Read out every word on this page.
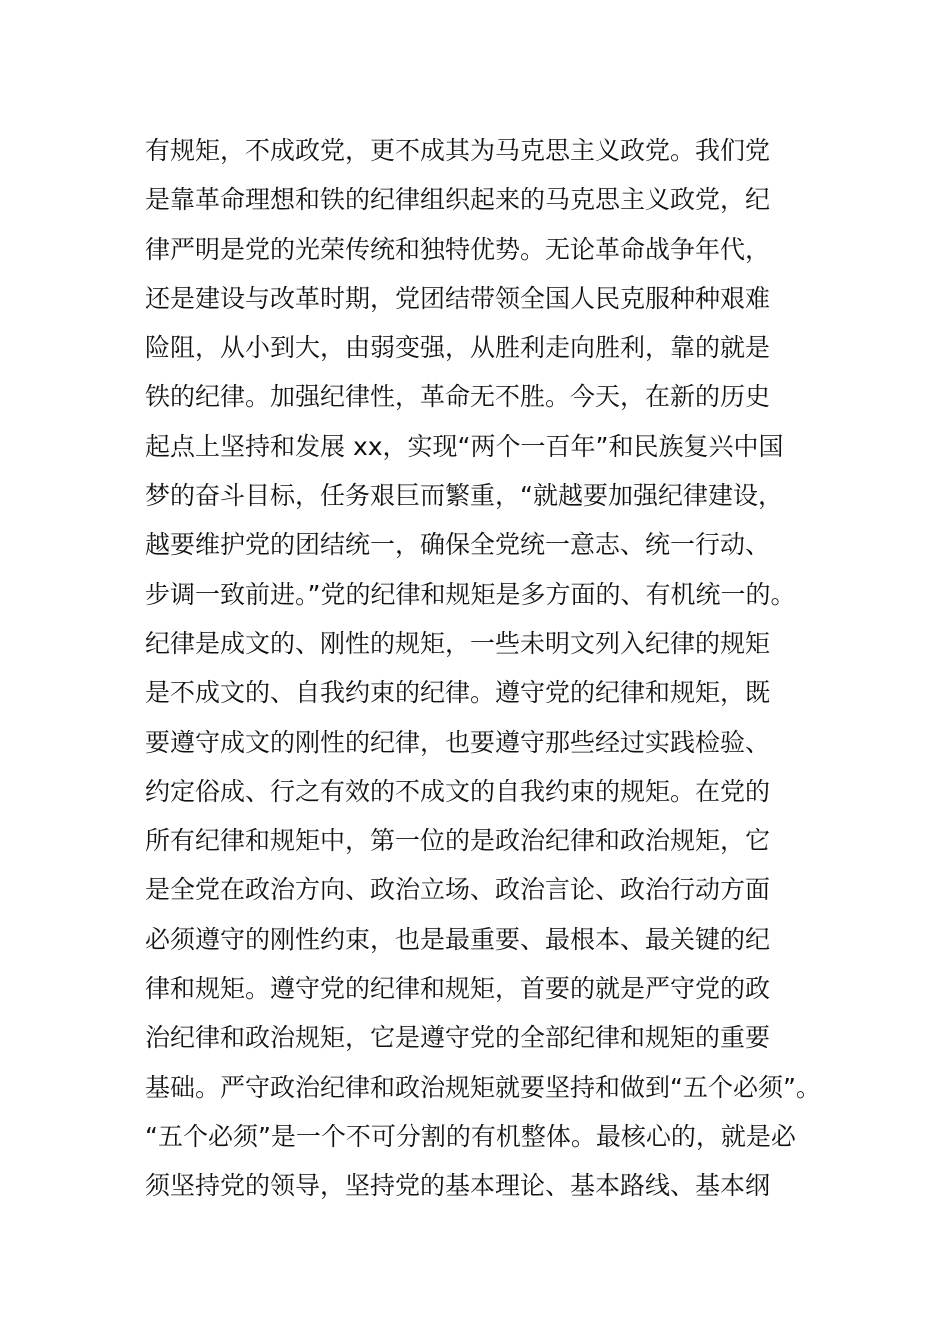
有规矩，不成政党，更不成其为马克思主义政党。我们党
是靠革命理想和铁的纪律组织起来的马克思主义政党，纪
律严明是党的光荣传统和独特优势。无论革命战争年代，
还是建设与改革时期，党团结带领全国人民克服种种艰难
险阻，从小到大，由弱变强，从胜利走向胜利，靠的就是
铁的纪律。加强纪律性，革命无不胜。今天，在新的历史
起点上坚持和发展 xx，实现“两个一百年”和民族复兴中国
梦的奋斗目标，任务艰巨而繁重，“就越要加强纪律建设，
越要维护党的团结统一，确保全党统一意志、统一行动、
步调一致前进。”党的纪律和规矩是多方面的、有机统一的。
纪律是成文的、刚性的规矩，一些未明文列入纪律的规矩
是不成文的、自我约束的纪律。遵守党的纪律和规矩，既
要遵守成文的刚性的纪律，也要遵守那些经过实践检验、
约定俗成、行之有效的不成文的自我约束的规矩。在党的
所有纪律和规矩中，第一位的是政治纪律和政治规矩，它
是全党在政治方向、政治立场、政治言论、政治行动方面
必须遵守的刚性约束，也是最重要、最根本、最关键的纪
律和规矩。遵守党的纪律和规矩，首要的就是严守党的政
治纪律和政治规矩，它是遵守党的全部纪律和规矩的重要
基础。严守政治纪律和政治规矩就要坚持和做到“五个必须”。
“五个必须”是一个不可分割的有机整体。最核心的，就是必
须坚持党的领导，坚持党的基本理论、基本路线、基本纲
